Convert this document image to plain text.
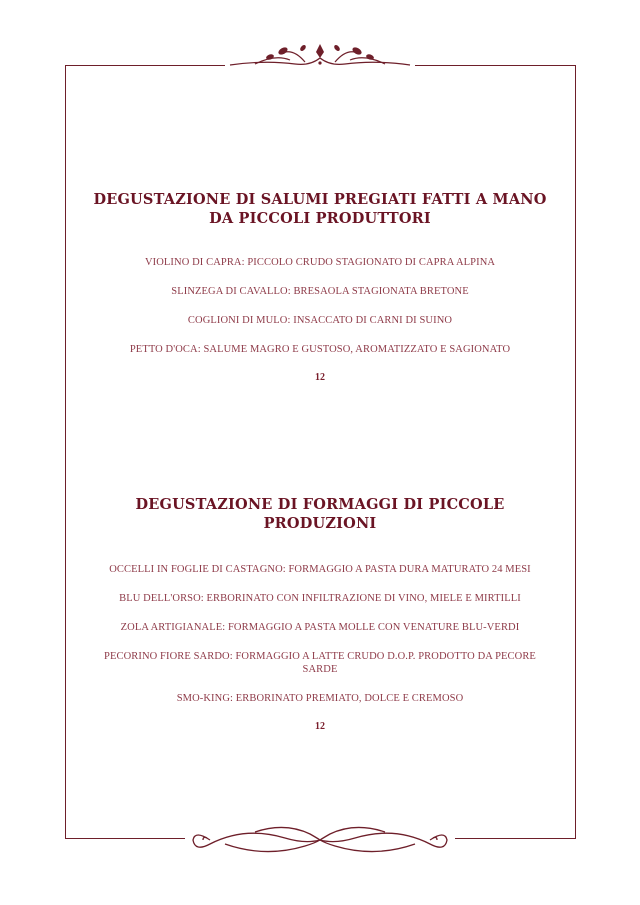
DEGUSTAZIONE DI SALUMI PREGIATI FATTI A MANO DA PICCOLI PRODUTTORI

VIOLINO DI CAPRA: PICCOLO CRUDO STAGIONATO DI CAPRA ALPINA

SLINZEGA DI CAVALLO: BRESAOLA STAGIONATA BRETONE

COGLIONI DI MULO: INSACCATO DI CARNI DI SUINO

PETTO D'OCA: SALUME MAGRO E GUSTOSO, AROMATIZZATO E SAGIONATO

12
DEGUSTAZIONE DI FORMAGGI DI PICCOLE PRODUZIONI

OCCELLI IN FOGLIE DI CASTAGNO: FORMAGGIO A PASTA DURA MATURATO 24 MESI

BLU DELL'ORSO: ERBORINATO CON INFILTRAZIONE DI VINO, MIELE E MIRTILLI

ZOLA ARTIGIANALE: FORMAGGIO A PASTA MOLLE CON VENATURE BLU-VERDI

PECORINO FIORE SARDO: FORMAGGIO A LATTE CRUDO D.O.P. PRODOTTO DA PECORE SARDE

SMO-KING: ERBORINATO PREMIATO, DOLCE E CREMOSO

12
